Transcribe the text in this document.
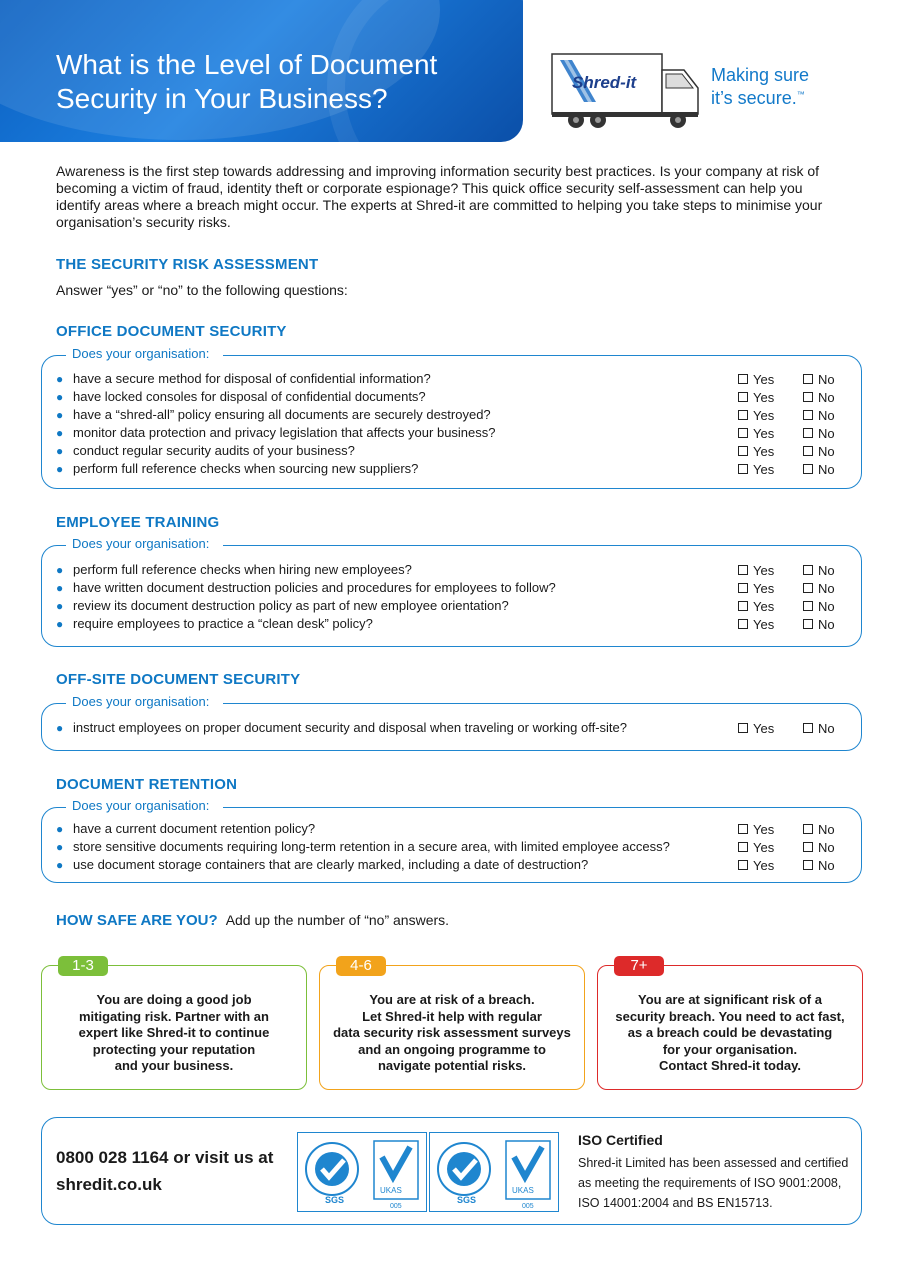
What is the Level of Document Security in Your Business?
Shred-it	Making sure
it’s secure.™

Awareness is the first step towards addressing and improving information security best practices. Is your company at risk of becoming a victim of fraud, identity theft or corporate espionage? This quick office security self-assessment can help you identify areas where a breach might occur. The experts at Shred-it are committed to helping you take steps to minimise your organisation’s security risks.

THE SECURITY RISK ASSESSMENT

Answer “yes” or “no” to the following questions:

OFFICE DOCUMENT SECURITY
Does your organisation:
● have a secure method for disposal of confidential information?	Yes	No
● have locked consoles for disposal of confidential documents?	Yes	No
● have a “shred-all” policy ensuring all documents are securely destroyed?	Yes	No
● monitor data protection and privacy legislation that affects your business?	Yes	No
● conduct regular security audits of your business?	Yes	No
● perform full reference checks when sourcing new suppliers?	Yes	No
EMPLOYEE TRAINING
Does your organisation:
● perform full reference checks when hiring new employees?	Yes	No
● have written document destruction policies and procedures for employees to follow?	Yes	No
● review its document destruction policy as part of new employee orientation?	Yes	No
● require employees to practice a “clean desk” policy?	Yes	No
OFF-SITE DOCUMENT SECURITY
Does your organisation:
● instruct employees on proper document security and disposal when traveling or working off-site?	Yes	No
DOCUMENT RETENTION
Does your organisation:
● have a current document retention policy?	Yes	No
● store sensitive documents requiring long-term retention in a secure area, with limited employee access?	Yes	No
● use document storage containers that are clearly marked, including a date of destruction?	Yes	No
HOW SAFE ARE YOU? Add up the number of “no” answers.
1-3
You are doing a good job
mitigating risk. Partner with an
expert like Shred-it to continue
protecting your reputation
and your business.
4-6
You are at risk of a breach.
Let Shred-it help with regular
data security risk assessment surveys
and an ongoing programme to
navigate potential risks.
7+
You are at significant risk of a
security breach. You need to act fast,
as a breach could be devastating
for your organisation.
Contact Shred-it today.
0800 028 1164 or visit us at shredit.co.uk
SGS
UKAS
005
SGS
UKAS
005

ISO Certified

Shred-it Limited has been assessed and certified as meeting the requirements of ISO 9001:2008, ISO 14001:2004 and BS EN15713.
